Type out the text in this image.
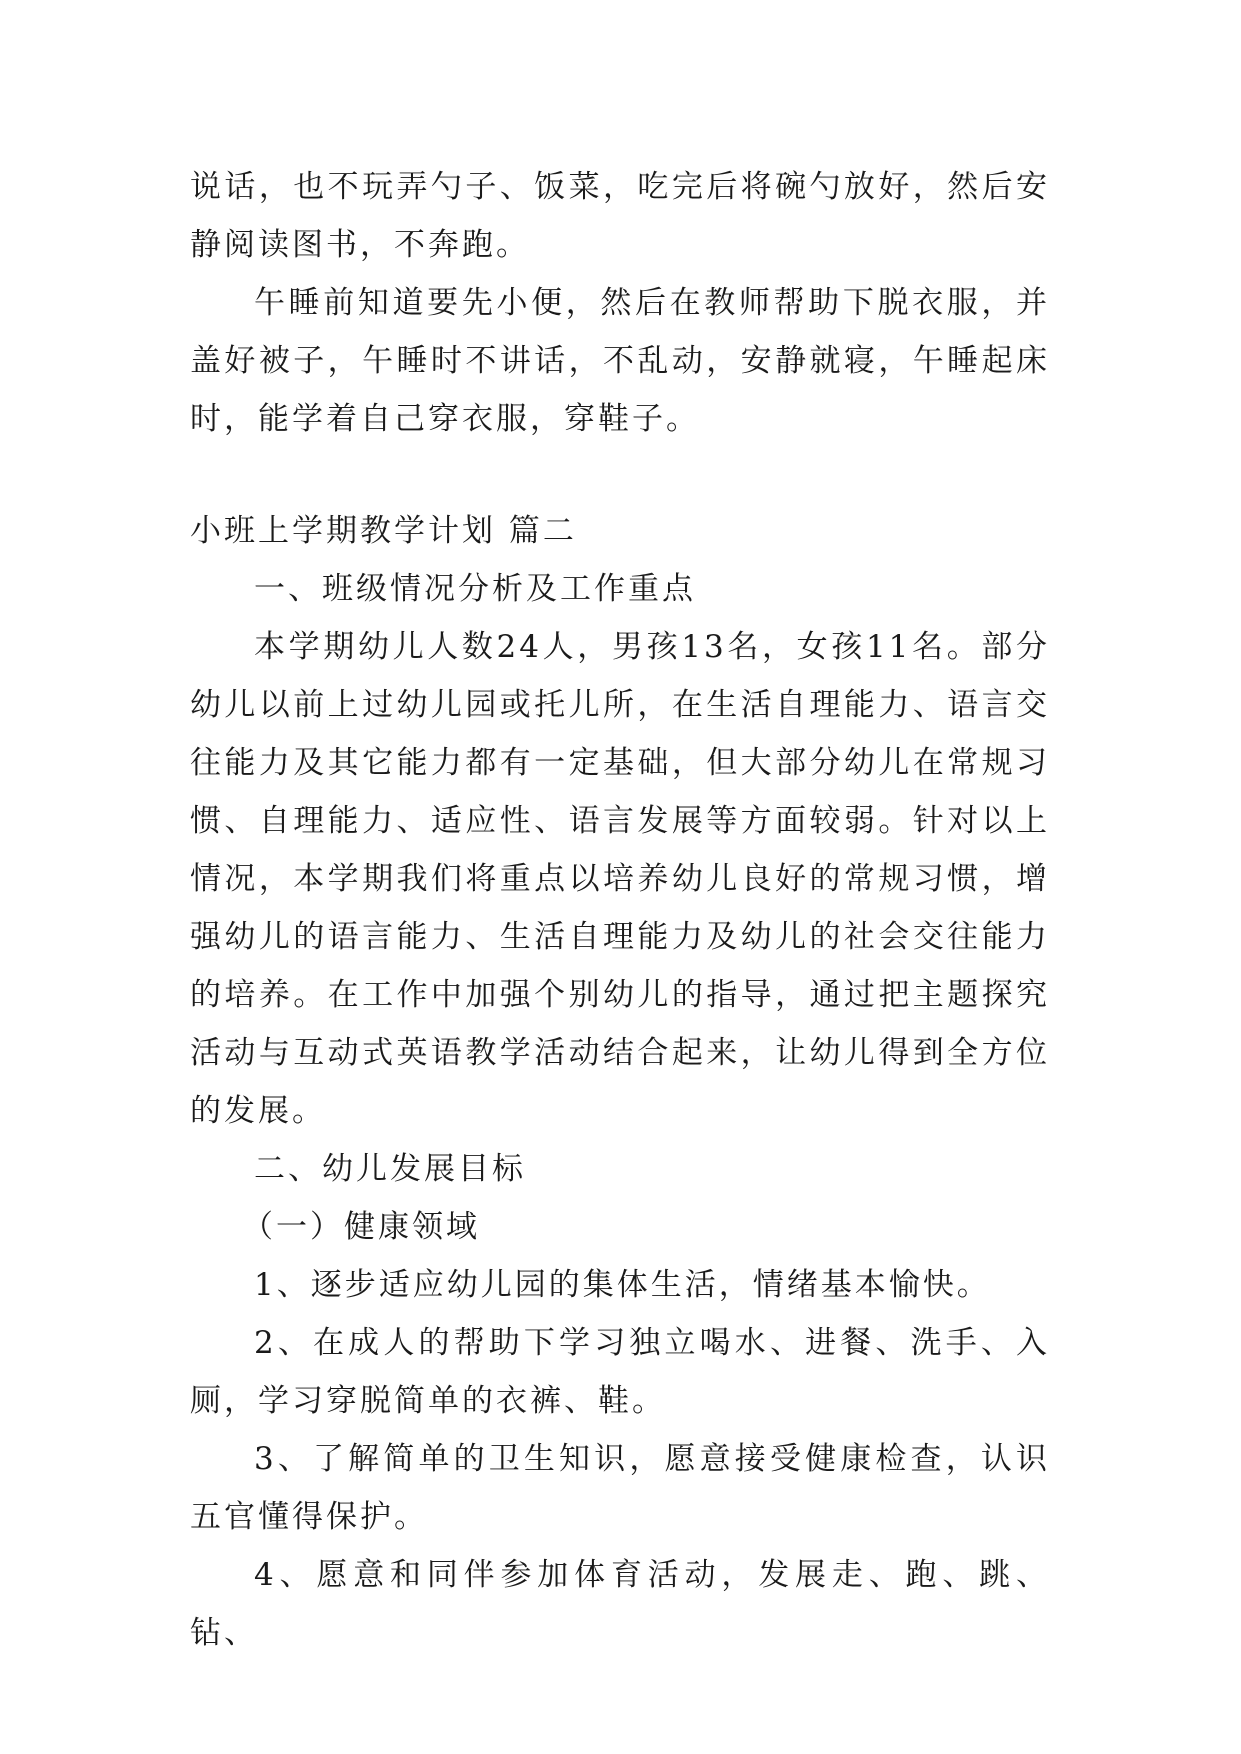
说话，也不玩弄勺子、饭菜，吃完后将碗勺放好，然后安静阅读图书，不奔跑。

午睡前知道要先小便，然后在教师帮助下脱衣服，并盖好被子，午睡时不讲话，不乱动，安静就寝，午睡起床时，能学着自己穿衣服，穿鞋子。

小班上学期教学计划 篇二

一、班级情况分析及工作重点

本学期幼儿人数24人，男孩13名，女孩11名。部分幼儿以前上过幼儿园或托儿所，在生活自理能力、语言交往能力及其它能力都有一定基础，但大部分幼儿在常规习惯、自理能力、适应性、语言发展等方面较弱。针对以上情况，本学期我们将重点以培养幼儿良好的常规习惯，增强幼儿的语言能力、生活自理能力及幼儿的社会交往能力的培养。在工作中加强个别幼儿的指导，通过把主题探究活动与互动式英语教学活动结合起来，让幼儿得到全方位的发展。

二、幼儿发展目标

（一）健康领域

1、逐步适应幼儿园的集体生活，情绪基本愉快。

2、在成人的帮助下学习独立喝水、进餐、洗手、入厕，学习穿脱简单的衣裤、鞋。

3、了解简单的卫生知识，愿意接受健康检查，认识五官懂得保护。

4、愿意和同伴参加体育活动，发展走、跑、跳、钻、
